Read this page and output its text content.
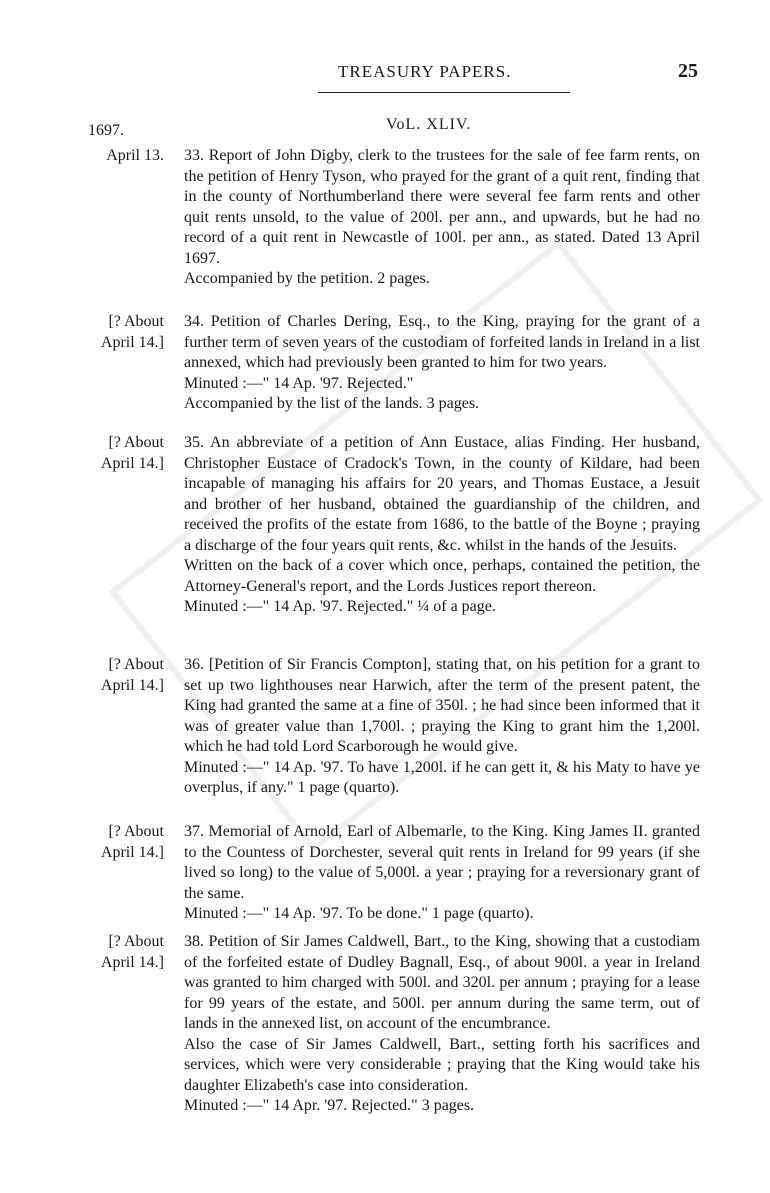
TREASURY PAPERS.	25
VoL. XLIV.
1697.
April 13. 33. Report of John Digby, clerk to the trustees for the sale of fee farm rents, on the petition of Henry Tyson, who prayed for the grant of a quit rent, finding that in the county of Northumberland there were several fee farm rents and other quit rents unsold, to the value of 200l. per ann., and upwards, but he had no record of a quit rent in Newcastle of 100l. per ann., as stated. Dated 13 April 1697.

Accompanied by the petition. 2 pages.

[? About
April 14.]

34. Petition of Charles Dering, Esq., to the King, praying for the grant of a further term of seven years of the custodiam of forfeited lands in Ireland in a list annexed, which had previously been granted to him for two years.

Minuted :—" 14 Ap. '97. Rejected."

Accompanied by the list of the lands. 3 pages.

[? About
April 14.]

35. An abbreviate of a petition of Ann Eustace, alias Finding. Her husband, Christopher Eustace of Cradock's Town, in the county of Kildare, had been incapable of managing his affairs for 20 years, and Thomas Eustace, a Jesuit and brother of her husband, obtained the guardianship of the children, and received the profits of the estate from 1686, to the battle of the Boyne ; praying a discharge of the four years quit rents, &c. whilst in the hands of the Jesuits.

Written on the back of a cover which once, perhaps, contained the petition, the Attorney-General's report, and the Lords Justices report thereon.

Minuted :—" 14 Ap. '97. Rejected." ¼ of a page.

[? About
April 14.]

36. [Petition of Sir Francis Compton], stating that, on his petition for a grant to set up two lighthouses near Harwich, after the term of the present patent, the King had granted the same at a fine of 350l. ; he had since been informed that it was of greater value than 1,700l. ; praying the King to grant him the 1,200l. which he had told Lord Scarborough he would give.

Minuted :—" 14 Ap. '97. To have 1,200l. if he can gett it, & his Maty to have ye overplus, if any." 1 page (quarto).

[? About
April 14.]

37. Memorial of Arnold, Earl of Albemarle, to the King. King James II. granted to the Countess of Dorchester, several quit rents in Ireland for 99 years (if she lived so long) to the value of 5,000l. a year ; praying for a reversionary grant of the same.

Minuted :—" 14 Ap. '97. To be done." 1 page (quarto).

[? About
April 14.]

38. Petition of Sir James Caldwell, Bart., to the King, showing that a custodiam of the forfeited estate of Dudley Bagnall, Esq., of about 900l. a year in Ireland was granted to him charged with 500l. and 320l. per annum ; praying for a lease for 99 years of the estate, and 500l. per annum during the same term, out of lands in the annexed list, on account of the encumbrance.

Also the case of Sir James Caldwell, Bart., setting forth his sacrifices and services, which were very considerable ; praying that the King would take his daughter Elizabeth's case into consideration.

Minuted :—" 14 Apr. '97. Rejected." 3 pages.
